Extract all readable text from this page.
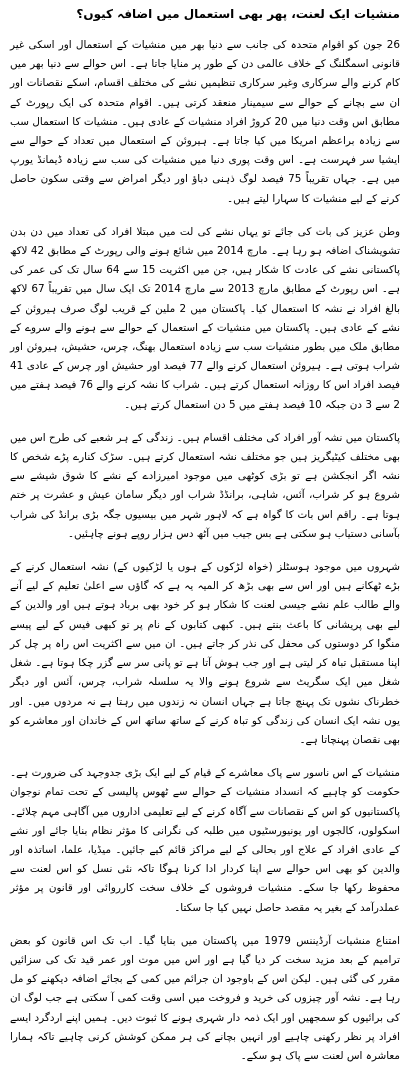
منشیات ایک لعنت، پھر بھی استعمال میں اضافہ کیوں؟

26 جون کو اقوام متحدہ کی جانب سے دنیا بھر میں منشیات کے استعمال اور اسکی غیر قانونی اسمگلنگ کے خلاف عالمی دن کے طور پر منایا جاتا ہے۔ اس حوالے سے دنیا بھر میں کام کرنے والے سرکاری وغیر سرکاری تنظیمیں نشے کی مختلف اقسام، اسکے نقصانات اور ان سے بچانے کے حوالے سے سیمینار منعقد کرتی ہیں۔ اقوام متحدہ کی ایک رپورٹ کے مطابق اس وقت دنیا میں 20 کروڑ افراد منشیات کے عادی ہیں۔ منشیات کا استعمال سب سے زیادہ براعظم امریکا میں کیا جاتا ہے۔ ہیروئن کے استعمال میں تعداد کے حوالے سے ایشیا سر فہرست ہے۔ اس وقت پوری دنیا میں منشیات کی سب سے زیادہ ڈیمانڈ یورپ میں ہے۔ جہاں تقریباً 75 فیصد لوگ ذہنی دباؤ اور دیگر امراض سے وقتی سکون حاصل کرنے کے لیے منشیات کا سہارا لیتے ہیں۔

وطن عزیز کی بات کی جائے تو یہاں نشے کی لت میں مبتلا افراد کی تعداد میں دن بدن تشویشناک اضافہ ہو رہا ہے۔ مارچ 2014 میں شائع ہونے والی رپورٹ کے مطابق 42 لاکھ پاکستانی نشے کی عادت کا شکار ہیں، جن میں اکثریت 15 سے 64 سال تک کی عمر کی ہے۔ اس رپورٹ کے مطابق مارچ 2013 سے مارچ 2014 تک ایک سال میں تقریباً 67 لاکھ بالغ افراد نے نشہ کا استعمال کیا۔ پاکستان میں 2 ملین کے قریب لوگ صرف ہیروئن کے نشے کے عادی ہیں۔ پاکستان میں منشیات کے استعمال کے حوالے سے ہونے والے سروے کے مطابق ملک میں بطور منشیات سب سے زیادہ استعمال بھنگ، چرس، حشیش، ہیروئن اور شراب ہوتی ہے۔ ہیروئن استعمال کرنے والے 77 فیصد اور حشیش اور چرس کے عادی 41 فیصد افراد اس کا روزانہ استعمال کرتے ہیں۔ شراب کا نشہ کرنے والے 76 فیصد ہفتے میں 2 سے 3 دن جبکہ 10 فیصد ہفتے میں 5 دن استعمال کرتے ہیں۔

پاکستان میں نشہ آور افراد کی مختلف اقسام ہیں۔ زندگی کے ہر شعبے کی طرح اس میں بھی مختلف کیٹیگریز ہیں جو مختلف نشہ استعمال کرتے ہیں۔ سڑک کنارے پڑے شخص کا نشہ اگر انجکشن ہے تو بڑی کوٹھی میں موجود امیرزادے کے نشے کا شوق شیشے سے شروع ہو کر شراب، آئس، شاہی، برانڈڈ شراب اور دیگر سامان عیش و عشرت پر ختم ہوتا ہے۔ راقم اس بات کا گواہ ہے کہ لاہور شہر میں بیسیوں جگہ بڑی برانڈ کی شراب بآسانی دستیاب ہو سکتی ہے بس جیب میں آٹھ دس ہزار روپے ہونے چاہئیں۔

شہروں میں موجود ہوسٹلز (خواہ لڑکوں کے ہوں یا لڑکیوں کے) نشہ استعمال کرنے کے بڑے ٹھکانے ہیں اور اس سے بھی بڑھ کر المیہ یہ ہے کہ گاؤں سے اعلیٰ تعلیم کے لیے آنے والے طالب علم نشے جیسی لعنت کا شکار ہو کر خود بھی برباد ہوتے ہیں اور والدین کے لیے بھی پریشانی کا باعث بنتے ہیں۔ کبھی کتابوں کے نام پر تو کبھی فیس کے لیے پیسے منگوا کر دوستوں کی محفل کی نذر کر جاتے ہیں۔ ان میں سے اکثریت اس راہ پر چل کر اپنا مستقبل تباہ کر لیتی ہے اور جب ہوش آتا ہے تو پانی سر سے گزر چکا ہوتا ہے۔ شغل شغل میں ایک سگریٹ سے شروع ہونے والا یہ سلسلہ شراب، چرس، آئس اور دیگر خطرناک نشوں تک پہنچ جاتا ہے جہاں انسان نہ زندوں میں رہتا ہے نہ مردوں میں۔ اور یوں نشہ ایک انسان کی زندگی کو تباہ کرنے کے ساتھ ساتھ اس کے خاندان اور معاشرے کو بھی نقصان پہنچاتا ہے۔

منشیات کے اس ناسور سے پاک معاشرے کے قیام کے لیے ایک بڑی جدوجہد کی ضرورت ہے۔ حکومت کو چاہیے کہ انسداد منشیات کے حوالے سے ٹھوس پالیسی کے تحت تمام نوجوان پاکستانیوں کو اس کے نقصانات سے آگاہ کرنے کے لیے تعلیمی اداروں میں آگاہی مہم چلائے۔ اسکولوں، کالجوں اور یونیورسٹیوں میں طلبہ کی نگرانی کا مؤثر نظام بنایا جائے اور نشے کے عادی افراد کے علاج اور بحالی کے لیے مراکز قائم کیے جائیں۔ میڈیا، علما، اساتذہ اور والدین کو بھی اس حوالے سے اپنا کردار ادا کرنا ہوگا تاکہ نئی نسل کو اس لعنت سے محفوظ رکھا جا سکے۔ منشیات فروشوں کے خلاف سخت کارروائی اور قانون پر مؤثر عملدرآمد کے بغیر یہ مقصد حاصل نہیں کیا جا سکتا۔

امتناع منشیات آرڈیننس 1979 میں پاکستان میں بنایا گیا۔ اب تک اس قانون کو بعض ترامیم کے بعد مزید سخت کر دیا گیا ہے اور اس میں موت اور عمر قید تک کی سزائیں مقرر کی گئی ہیں۔ لیکن اس کے باوجود ان جرائم میں کمی کے بجائے اضافہ دیکھنے کو مل رہا ہے۔ نشہ آور چیزوں کی خرید و فروخت میں اسی وقت کمی آ سکتی ہے جب لوگ ان کی برائیوں کو سمجھیں اور ایک ذمہ دار شہری ہونے کا ثبوت دیں۔ ہمیں اپنے اردگرد ایسے افراد پر نظر رکھنی چاہیے اور انہیں بچانے کی ہر ممکن کوشش کرنی چاہیے تاکہ ہمارا معاشرہ اس لعنت سے پاک ہو سکے۔
